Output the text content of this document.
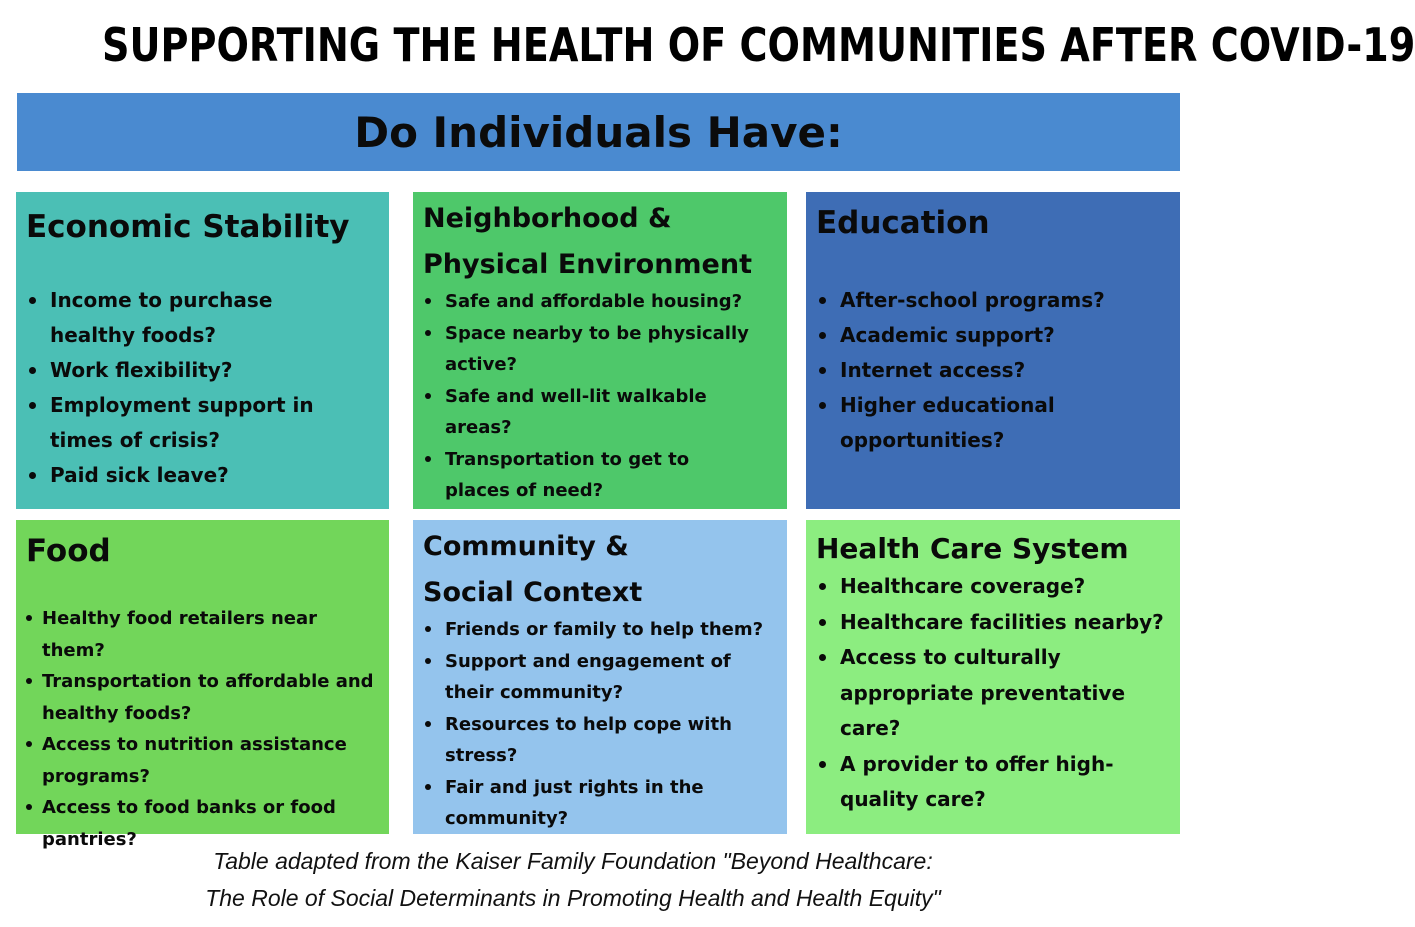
SUPPORTING THE HEALTH OF COMMUNITIES AFTER COVID-19
Do Individuals Have:
Economic Stability
Income to purchase healthy foods?
Work flexibility?
Employment support in times of crisis?
Paid sick leave?
Neighborhood &
Physical Environment
Safe and affordable housing?
Space nearby to be physically active?
Safe and well-lit walkable areas?
Transportation to get to places of need?
Education
After-school programs?
Academic support?
Internet access?
Higher educational opportunities?
Food
Healthy food retailers near them?
Transportation to affordable and healthy foods?
Access to nutrition assistance programs?
Access to food banks or food pantries?
Community &
Social Context
Friends or family to help them?
Support and engagement of their community?
Resources to help cope with stress?
Fair and just rights in the community?
Health Care System
Healthcare coverage?
Healthcare facilities nearby?
Access to culturally appropriate preventative care?
A provider to offer high-quality care?
Table adapted from the Kaiser Family Foundation "Beyond Healthcare:
The Role of Social Determinants in Promoting Health and Health Equity"
